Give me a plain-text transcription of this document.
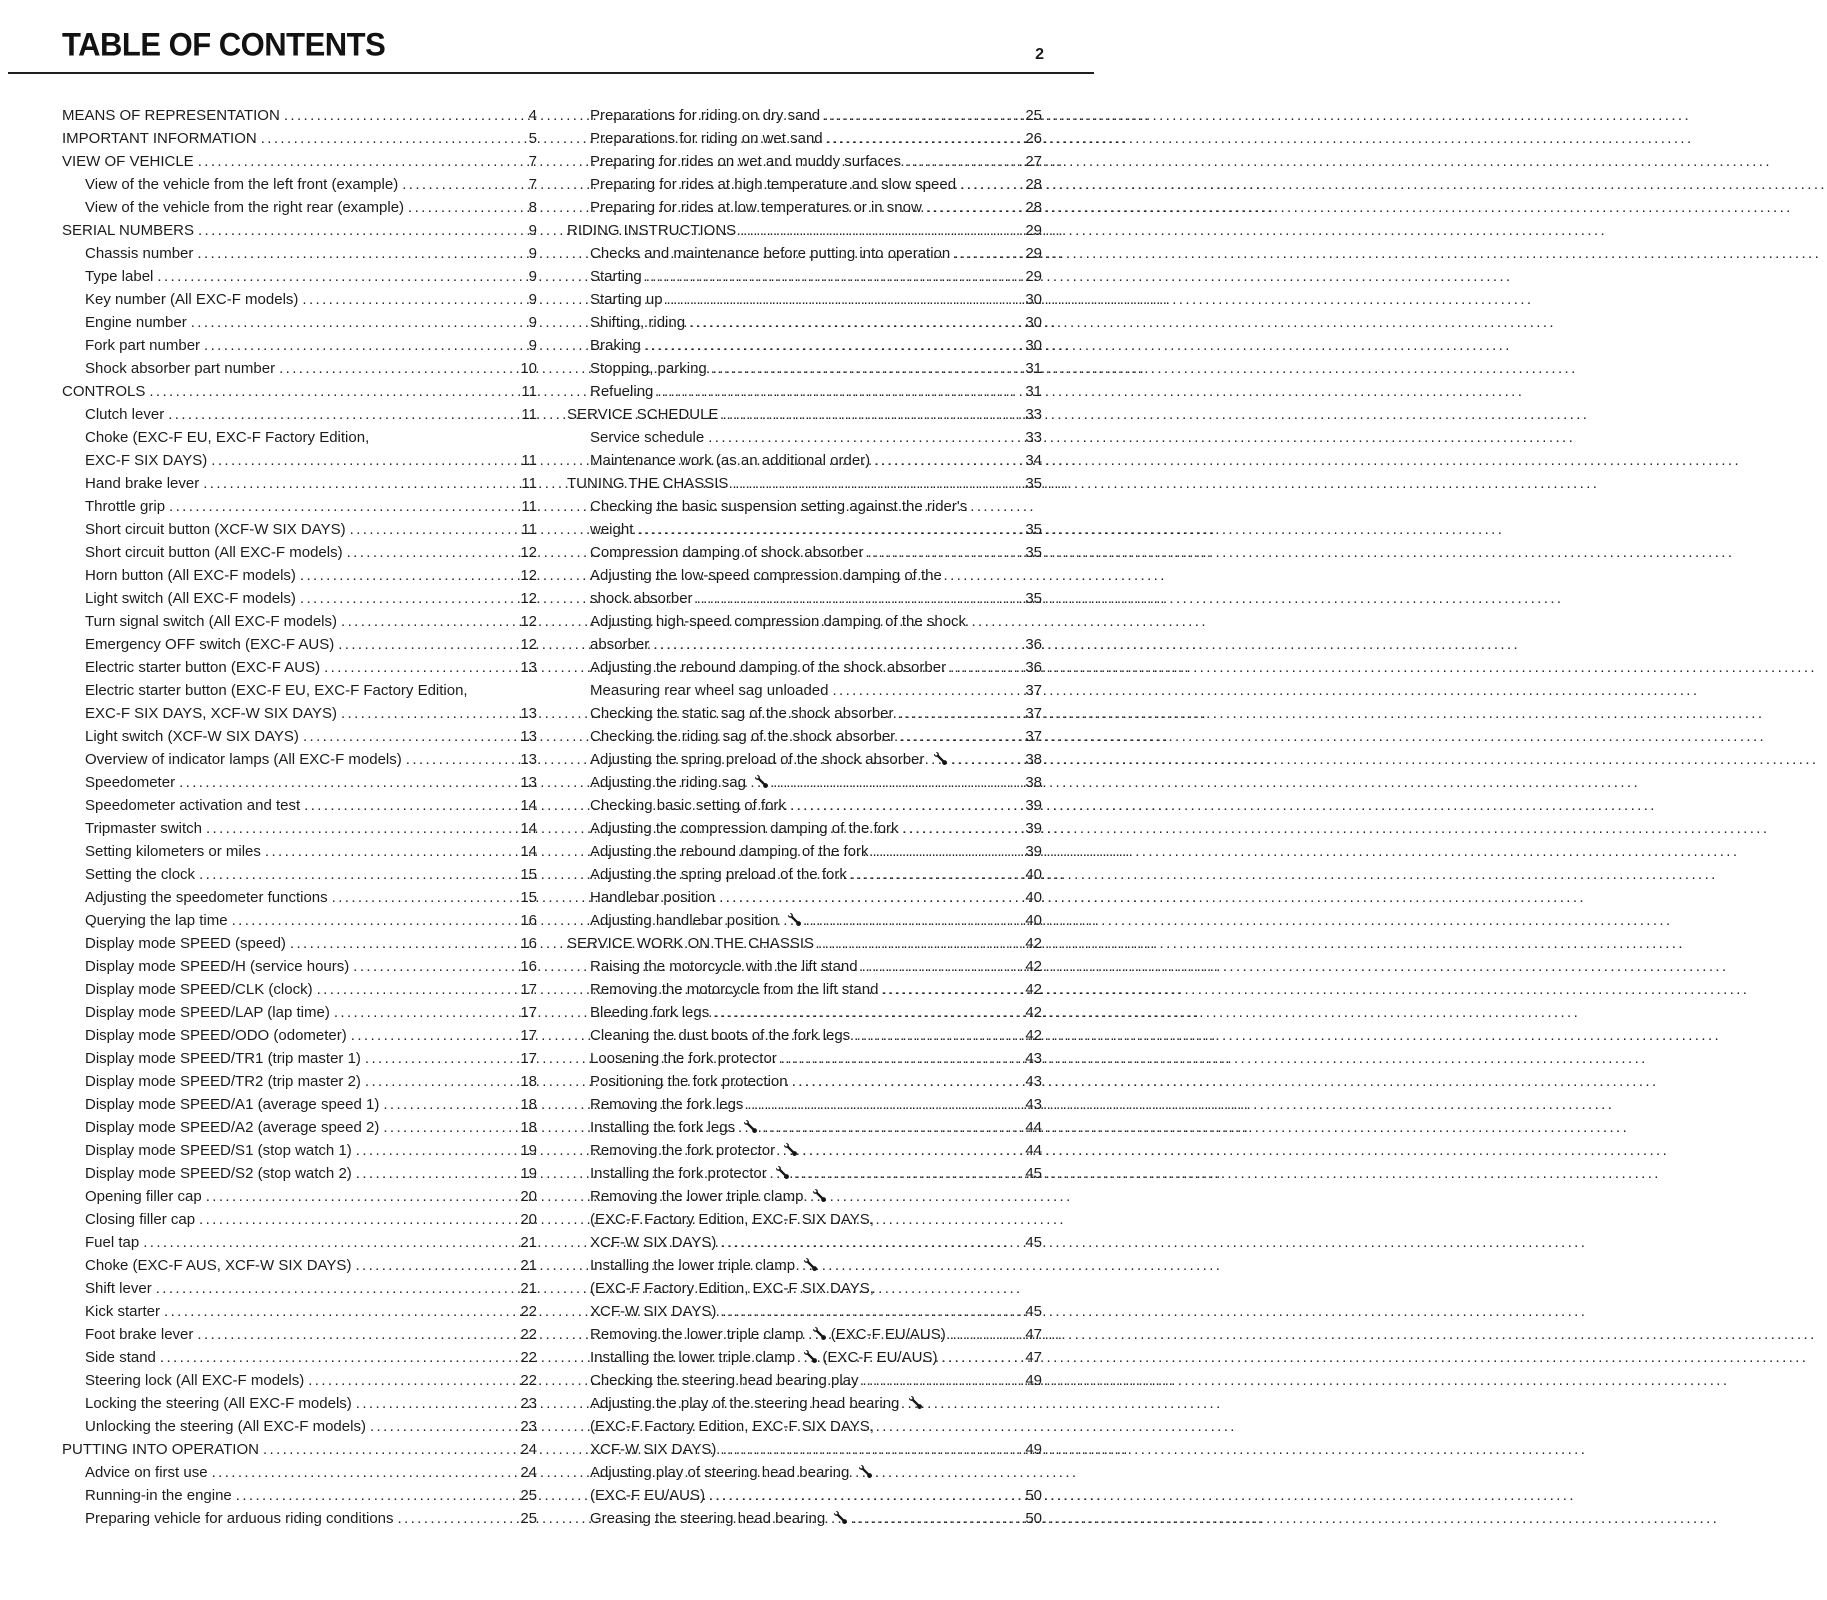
TABLE OF CONTENTS	2
MEANS OF REPRESENTATION .....	4
IMPORTANT INFORMATION .....	5
VIEW OF VEHICLE .....	7
View of the vehicle from the left front (example) .....	7
View of the vehicle from the right rear (example) .....	8
SERIAL NUMBERS .....	9
Chassis number .....	9
Type label .....	9
Key number (All EXC-F models) .....	9
Engine number .....	9
Fork part number .....	9
Shock absorber part number .....	10
CONTROLS .....	11
Clutch lever .....	11
Choke (EXC-F EU, EXC-F Factory Edition,
EXC-F SIX DAYS) .....	11
Hand brake lever .....	11
Throttle grip .....	11
Short circuit button (XCF-W SIX DAYS) .....	11
Short circuit button (All EXC-F models) .....	12
Horn button (All EXC-F models) .....	12
Light switch (All EXC-F models) .....	12
Turn signal switch (All EXC-F models) .....	12
Emergency OFF switch (EXC-F AUS) .....	12
Electric starter button (EXC-F AUS) .....	13
Electric starter button (EXC-F EU, EXC-F Factory Edition,
EXC-F SIX DAYS, XCF-W SIX DAYS) .....	13
Light switch (XCF-W SIX DAYS) .....	13
Overview of indicator lamps (All EXC-F models) .....	13
Speedometer .....	13
Speedometer activation and test .....	14
Tripmaster switch .....	14
Setting kilometers or miles .....	14
Setting the clock .....	15
Adjusting the speedometer functions .....	15
Querying the lap time .....	16
Display mode SPEED (speed) .....	16
Display mode SPEED/H (service hours) .....	16
Display mode SPEED/CLK (clock) .....	17
Display mode SPEED/LAP (lap time) .....	17
Display mode SPEED/ODO (odometer) .....	17
Display mode SPEED/TR1 (trip master 1) .....	17
Display mode SPEED/TR2 (trip master 2) .....	18
Display mode SPEED/A1 (average speed 1) .....	18
Display mode SPEED/A2 (average speed 2) .....	18
Display mode SPEED/S1 (stop watch 1) .....	19
Display mode SPEED/S2 (stop watch 2) .....	19
Opening filler cap .....	20
Closing filler cap .....	20
Fuel tap .....	21
Choke (EXC-F AUS, XCF-W SIX DAYS) .....	21
Shift lever .....	21
Kick starter .....	22
Foot brake lever .....	22
Side stand .....	22
Steering lock (All EXC-F models) .....	22
Locking the steering (All EXC-F models) .....	23
Unlocking the steering (All EXC-F models) .....	23
PUTTING INTO OPERATION .....	24
Advice on first use .....	24
Running-in the engine .....	25
Preparing vehicle for arduous riding conditions .....	25
Preparations for riding on dry sand .....	25
Preparations for riding on wet sand .....	26
Preparing for rides on wet and muddy surfaces .....	27
Preparing for rides at high temperature and slow speed .....	28
Preparing for rides at low temperatures or in snow .....	28
RIDING INSTRUCTIONS .....	29
Checks and maintenance before putting into operation .....	29
Starting .....	29
Starting up .....	30
Shifting, riding .....	30
Braking .....	30
Stopping, parking .....	31
Refueling .....	31
SERVICE SCHEDULE .....	33
Service schedule .....	33
Maintenance work (as an additional order) .....	34
TUNING THE CHASSIS .....	35
Checking the basic suspension setting against the rider's
weight .....	35
Compression damping of shock absorber .....	35
Adjusting the low-speed compression damping of the
shock absorber .....	35
Adjusting high-speed compression damping of the shock
absorber .....	36
Adjusting the rebound damping of the shock absorber .....	36
Measuring rear wheel sag unloaded .....	37
Checking the static sag of the shock absorber .....	37
Checking the riding sag of the shock absorber .....	37
Adjusting the spring preload of the shock absorber .....	38
Adjusting the riding sag .....	38
Checking basic setting of fork .....	39
Adjusting the compression damping of the fork .....	39
Adjusting the rebound damping of the fork .....	39
Adjusting the spring preload of the fork .....	40
Handlebar position .....	40
Adjusting handlebar position .....	40
SERVICE WORK ON THE CHASSIS .....	42
Raising the motorcycle with the lift stand .....	42
Removing the motorcycle from the lift stand .....	42
Bleeding fork legs .....	42
Cleaning the dust boots of the fork legs .....	42
Loosening the fork protector .....	43
Positioning the fork protection .....	43
Removing the fork legs .....	43
Installing the fork legs .....	44
Removing the fork protector .....	44
Installing the fork protector .....	45
Removing the lower triple clamp
(EXC-F Factory Edition, EXC-F SIX DAYS,
XCF-W SIX DAYS) .....	45
Installing the lower triple clamp
(EXC-F Factory Edition, EXC-F SIX DAYS,
XCF-W SIX DAYS) .....	45
Removing the lower triple clamp
(EXC-F EU/AUS) .....	47
Installing the lower triple clamp
(EXC-F EU/AUS) .....	47
Checking the steering head bearing play .....	49
Adjusting the play of the steering head bearing
(EXC-F Factory Edition, EXC-F SIX DAYS,
XCF-W SIX DAYS) .....	49
Adjusting play of steering head bearing
(EXC-F EU/AUS) .....	50
Greasing the steering head bearing .....	50
